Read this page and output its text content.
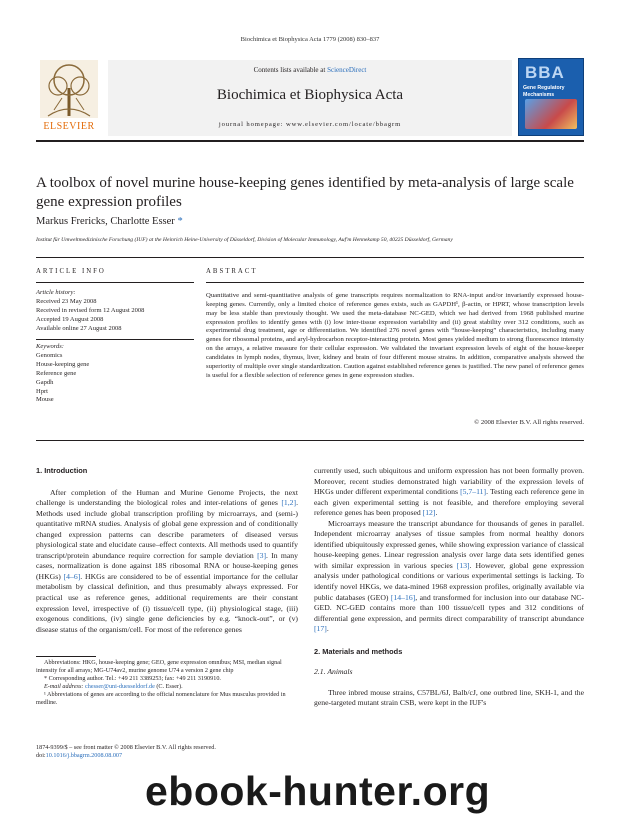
Biochimica et Biophysica Acta 1779 (2008) 830–837
ELSEVIER
Contents lists available at ScienceDirect
Biochimica et Biophysica Acta
journal homepage: www.elsevier.com/locate/bbagrm
BBA
Gene Regulatory Mechanisms
A toolbox of novel murine house-keeping genes identified by meta-analysis of large scale gene expression profiles
Markus Frericks, Charlotte Esser *
Institut für Umweltmedizinische Forschung (IUF) at the Heinrich Heine-University of Düsseldorf, Division of Molecular Immunology, Auf'm Hennekamp 50, 40225 Düsseldorf, Germany
ARTICLE INFO
Article history:
Received 23 May 2008
Received in revised form 12 August 2008
Accepted 19 August 2008
Available online 27 August 2008
Keywords:
Genomics
House-keeping gene
Reference gene
Gapdh
Hprt
Mouse
ABSTRACT
Quantitative and semi-quantitative analysis of gene transcripts requires normalization to RNA-input and/or invariantly expressed house-keeping genes. Currently, only a limited choice of reference genes exists, such as GAPDH¹, β-actin, or HPRT, whose transcription levels may be less stable than previously thought. We used the meta-database NC-GED, which we had derived from 1968 published murine expression profiles to identify genes with (i) low inter-tissue expression variability and (ii) great stability over 312 conditions, such as experimental drug treatment, age or differentiation. We identified 276 novel genes with “house-keeping” characteristics, including many genes for ribosomal proteins, and aryl-hydrocarbon receptor-interacting protein. Most genes yielded medium to strong fluorescence intensity on the arrays, a relative measure for their cellular expression. We validated the invariant expression levels of eight of the house-keeper candidates in lymph nodes, thymus, liver, kidney and brain of four different mouse strains. In addition, comparative analysis showed the superiority of multiple over single standardization. Caution against established reference genes is justified. The new panel of reference genes is useful for a flexible selection of reference genes in gene expression studies.
© 2008 Elsevier B.V. All rights reserved.
1. Introduction

After completion of the Human and Murine Genome Projects, the next challenge is understanding the biological roles and inter-relations of genes [1,2]. Methods used include global transcription profiling by microarrays, and (semi-) quantitative mRNA studies. Analysis of global gene expression and of conditionally changed expression patterns can describe parameters of diseased versus physiological state and elucidate cause–effect contexts. All methods used to quantify transcript/protein abundance require correction for sample deviation [3]. In many cases, normalization is done against 18S ribosomal RNA or house-keeping genes (HKGs) [4–6]. HKGs are considered to be of essential importance for the cellular metabolism by classical definition, and thus presumably always expressed. For practical use as reference genes, additional requirements are their constant expression level, irrespective of (i) tissue/cell type, (ii) physiological stage, (iii) exogenous conditions, (iv) single gene deficiencies by e.g. “knock-out”, or (v) disease status of the organism/cell. For most of the reference genes

Abbreviations: HKG, house-keeping gene; GEO, gene expression omnibus; MSI, median signal intensity for all arrays; MG-U74av2, murine genome U74 a version 2 gene chip
* Corresponding author. Tel.: +49 211 3389253; fax: +49 211 3190910.
E-mail address: chesser@uni-duesseldorf.de (C. Esser).
¹ Abbreviations of genes are according to the official nomenclature for Mus musculus provided in medline.
1874-9399/$ – see front matter © 2008 Elsevier B.V. All rights reserved.
doi:10.1016/j.bbagrm.2008.08.007

currently used, such ubiquitous and uniform expression has not been formally proven. Moreover, recent studies demonstrated high variability of the expression levels of HKGs under different experimental conditions [5,7–11]. Testing each reference gene in each given experimental setting is not feasible, and therefore employing several reference genes has been proposed [12].

Microarrays measure the transcript abundance for thousands of genes in parallel. Independent microarray analyses of tissue samples from normal healthy donors identified ubiquitously expressed genes, while showing expression variance of classical house-keeping genes. Linear regression analysis over large data sets identified genes with similar expression in various species [13]. However, global gene expression analysis under pathological conditions or various experimental settings is lacking. To identify novel HKGs, we data-mined 1968 expression profiles, originally available via public databases (GEO) [14–16], and transformed for inclusion into our database NC-GED. NC-GED contains more than 100 tissue/cell types and 312 conditions of differential gene expression, and permits direct comparability of transcript abundance [17].

2. Materials and methods
2.1. Animals

Three inbred mouse strains, C57BL/6J, Balb/cJ, one outbred line, SKH-1, and the gene-targeted mutant strain CSB, were kept in the IUF's

ebook-hunter.org
